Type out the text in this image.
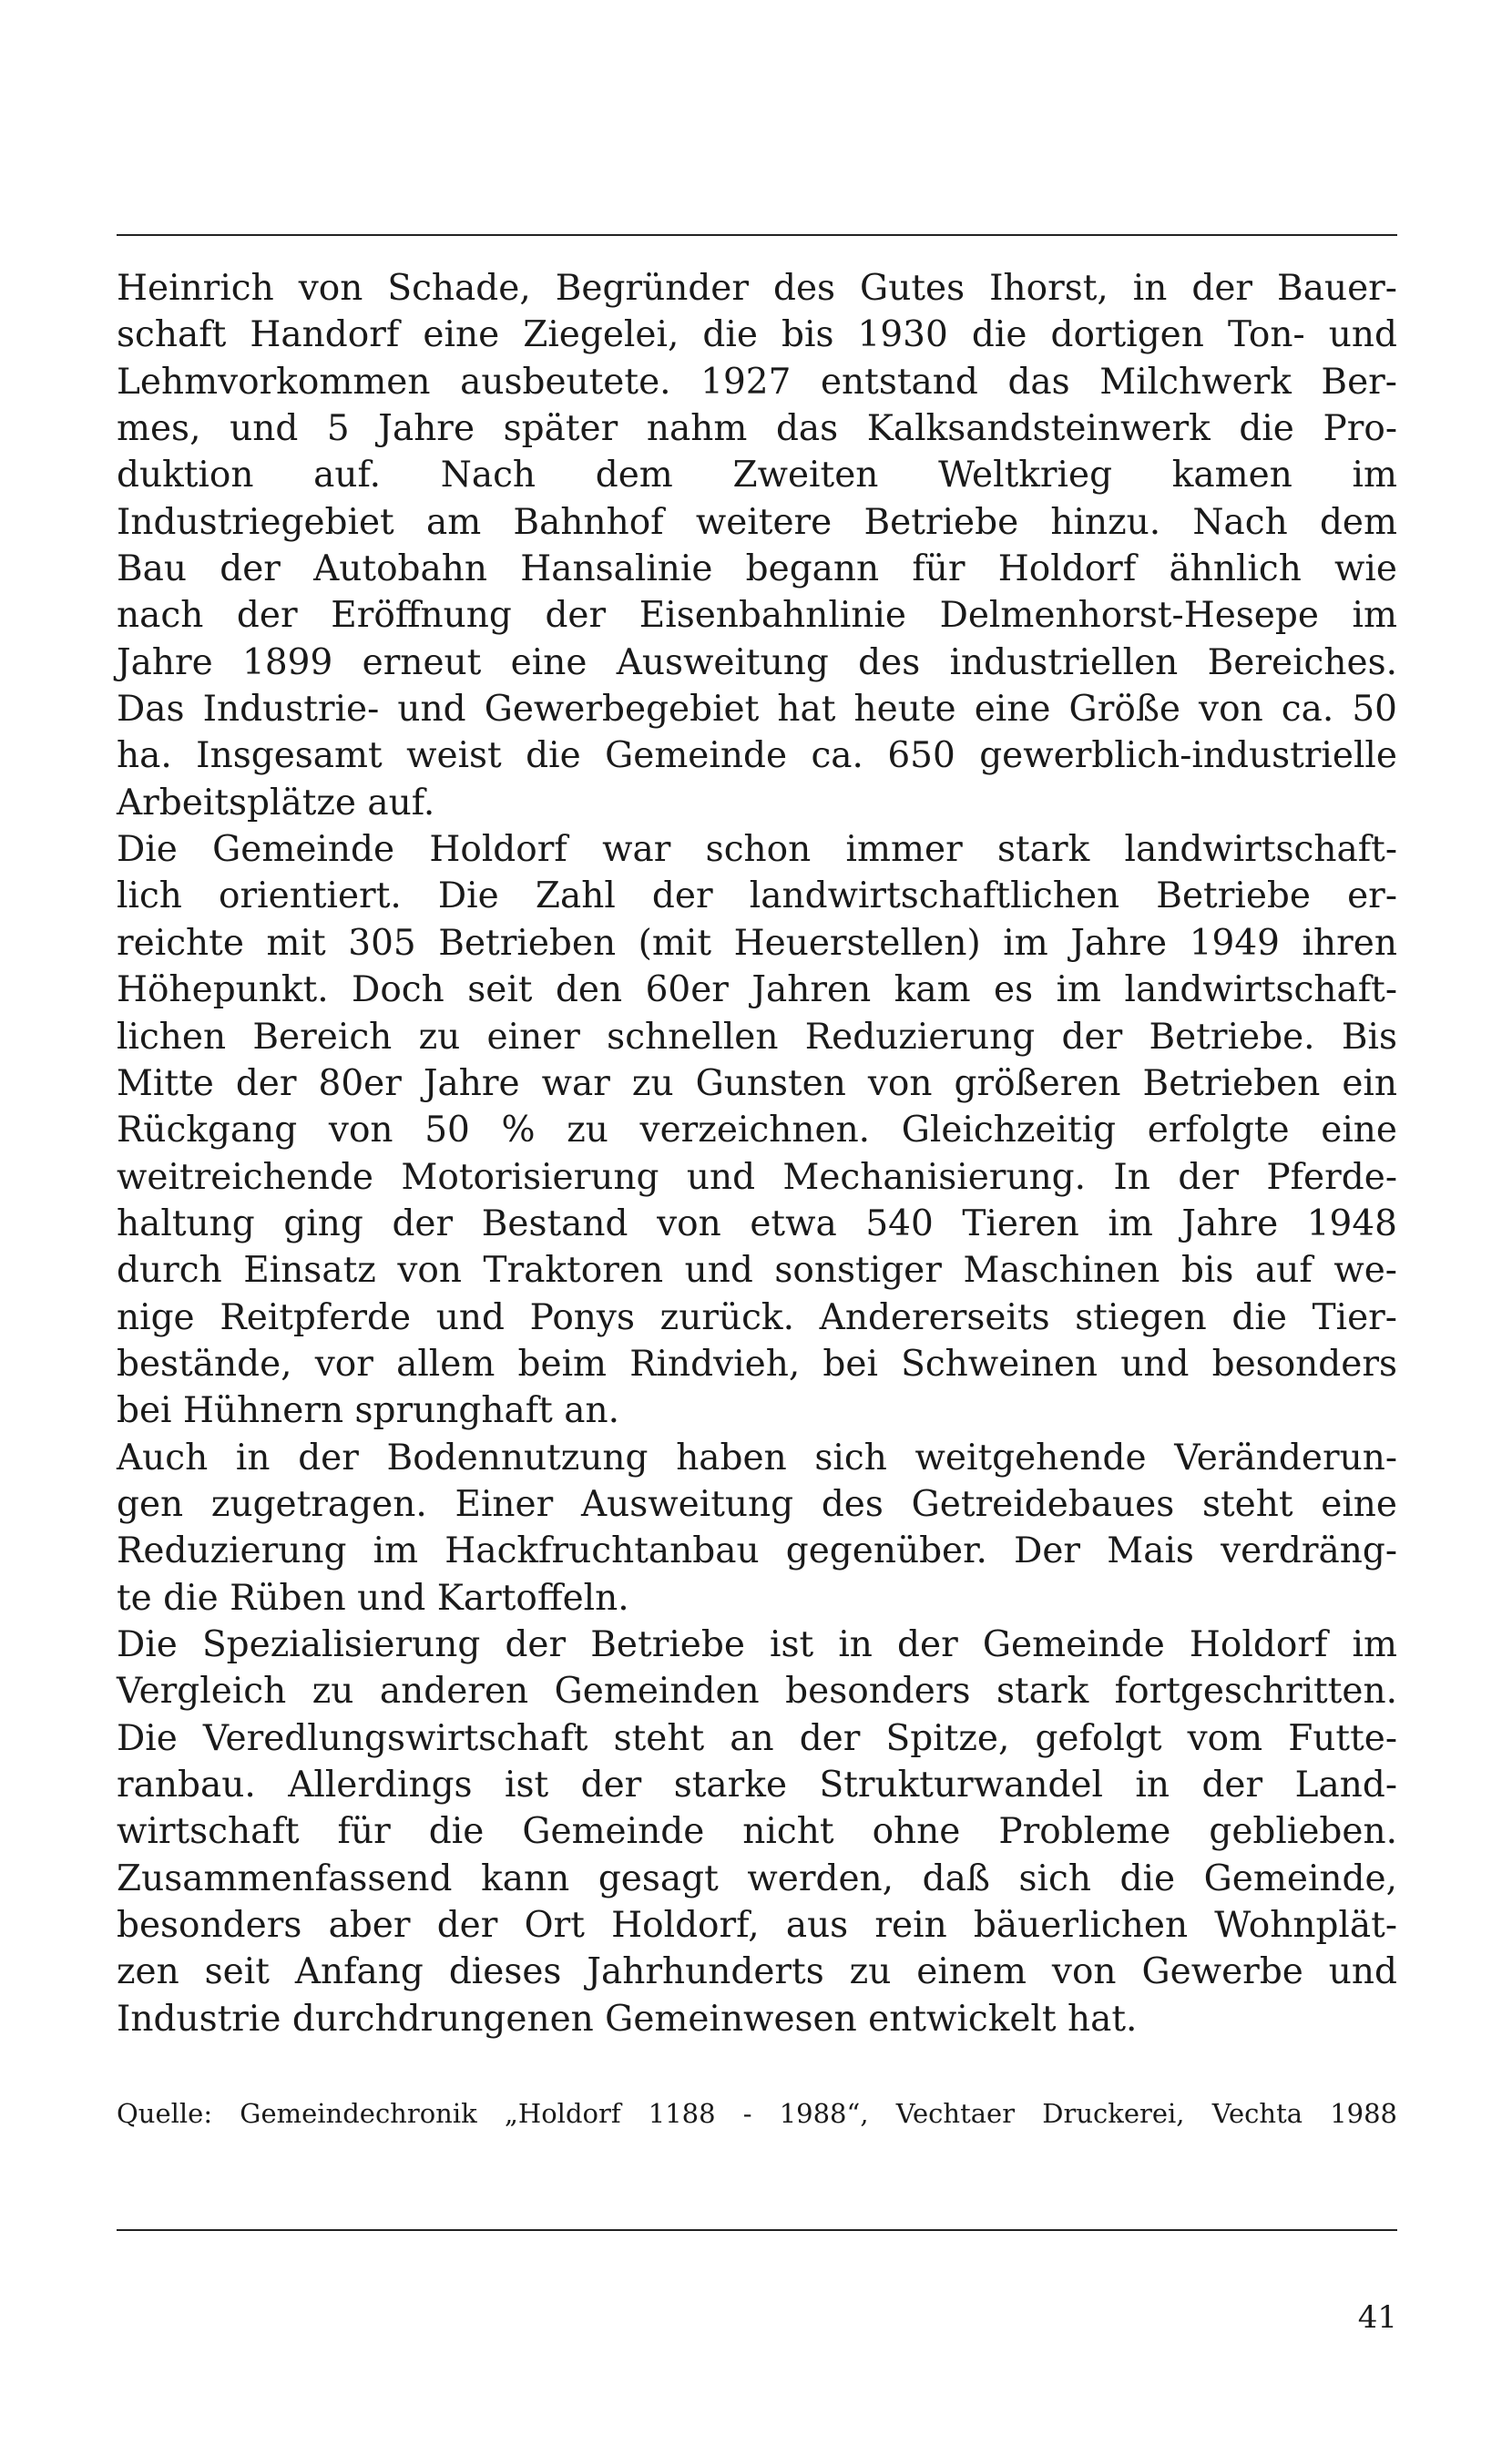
Heinrich von Schade, Begründer des Gutes Ihorst, in der Bauer-
schaft Handorf eine Ziegelei, die bis 1930 die dortigen Ton- und
Lehmvorkommen ausbeutete. 1927 entstand das Milchwerk Ber-
mes, und 5 Jahre später nahm das Kalksandsteinwerk die Pro-
duktion auf. Nach dem Zweiten Weltkrieg kamen im
Industriegebiet am Bahnhof weitere Betriebe hinzu. Nach dem
Bau der Autobahn Hansalinie begann für Holdorf ähnlich wie
nach der Eröffnung der Eisenbahnlinie Delmenhorst-Hesepe im
Jahre 1899 erneut eine Ausweitung des industriellen Bereiches.
Das Industrie- und Gewerbegebiet hat heute eine Größe von ca. 50
ha. Insgesamt weist die Gemeinde ca. 650 gewerblich-industrielle
Arbeitsplätze auf.
Die Gemeinde Holdorf war schon immer stark landwirtschaft-
lich orientiert. Die Zahl der landwirtschaftlichen Betriebe er-
reichte mit 305 Betrieben (mit Heuerstellen) im Jahre 1949 ihren
Höhepunkt. Doch seit den 60er Jahren kam es im landwirtschaft-
lichen Bereich zu einer schnellen Reduzierung der Betriebe. Bis
Mitte der 80er Jahre war zu Gunsten von größeren Betrieben ein
Rückgang von 50 % zu verzeichnen. Gleichzeitig erfolgte eine
weitreichende Motorisierung und Mechanisierung. In der Pferde-
haltung ging der Bestand von etwa 540 Tieren im Jahre 1948
durch Einsatz von Traktoren und sonstiger Maschinen bis auf we-
nige Reitpferde und Ponys zurück. Andererseits stiegen die Tier-
bestände, vor allem beim Rindvieh, bei Schweinen und besonders
bei Hühnern sprunghaft an.
Auch in der Bodennutzung haben sich weitgehende Veränderun-
gen zugetragen. Einer Ausweitung des Getreidebaues steht eine
Reduzierung im Hackfruchtanbau gegenüber. Der Mais verdräng-
te die Rüben und Kartoffeln.
Die Spezialisierung der Betriebe ist in der Gemeinde Holdorf im
Vergleich zu anderen Gemeinden besonders stark fortgeschritten.
Die Veredlungswirtschaft steht an der Spitze, gefolgt vom Futte-
ranbau. Allerdings ist der starke Strukturwandel in der Land-
wirtschaft für die Gemeinde nicht ohne Probleme geblieben.
Zusammenfassend kann gesagt werden, daß sich die Gemeinde,
besonders aber der Ort Holdorf, aus rein bäuerlichen Wohnplät-
zen seit Anfang dieses Jahrhunderts zu einem von Gewerbe und
Industrie durchdrungenen Gemeinwesen entwickelt hat.
Quelle: Gemeindechronik „Holdorf 1188 - 1988“, Vechtaer Druckerei, Vechta 1988
41
